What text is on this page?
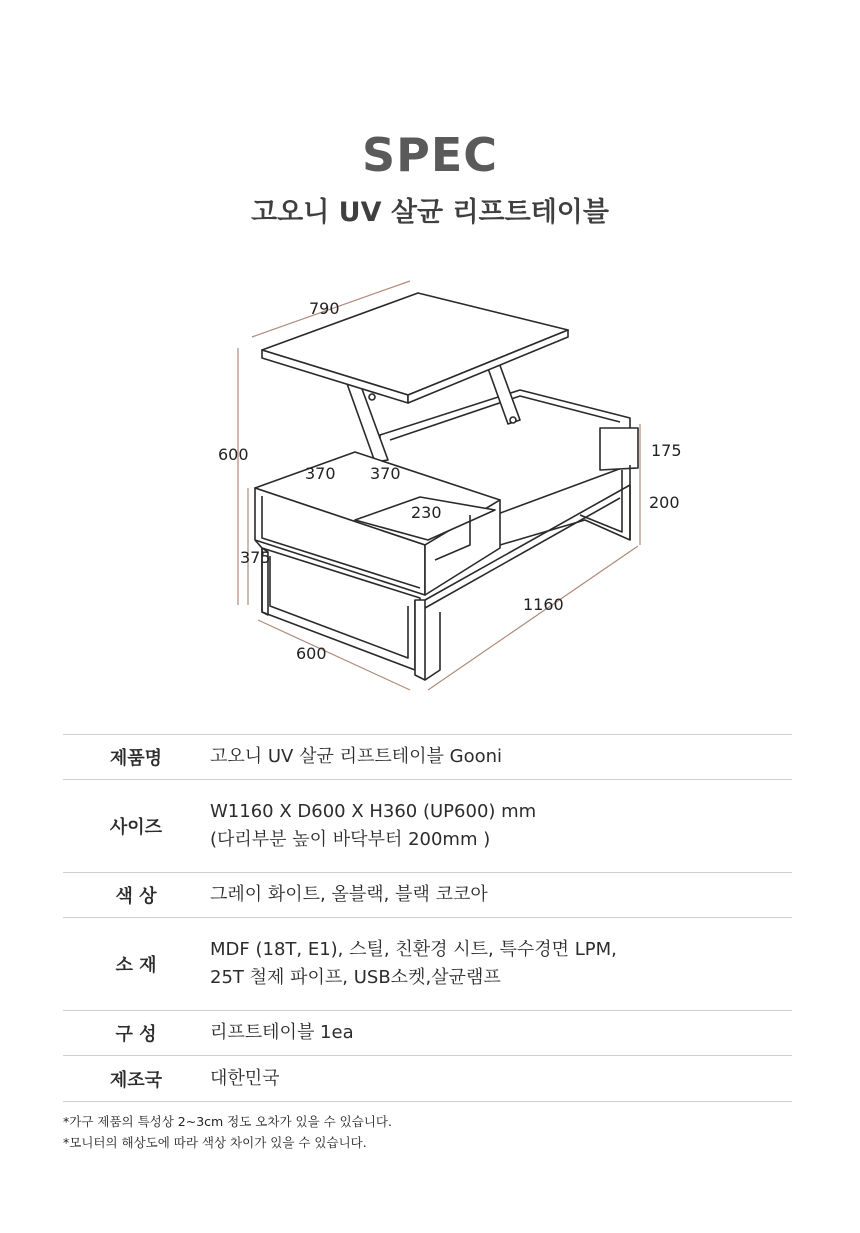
SPEC
고오니 UV 살균 리프트테이블
790
600
370 370
175
200
230
375
600
1160
제품명	고오니 UV 살균 리프트테이블 Gooni

사이즈	W1160 X D600 X H360 (UP600) mm
(다리부분 높이 바닥부터 200mm )

색 상	그레이 화이트, 올블랙, 블랙 코코아

소 재	MDF (18T, E1), 스틸, 친환경 시트, 특수경면 LPM,
25T 철제 파이프, USB소켓,살균램프

구 성	리프트테이블 1ea

제조국	대한민국
*가구 제품의 특성상 2~3cm 정도 오차가 있을 수 있습니다.
*모니터의 해상도에 따라 색상 차이가 있을 수 있습니다.
